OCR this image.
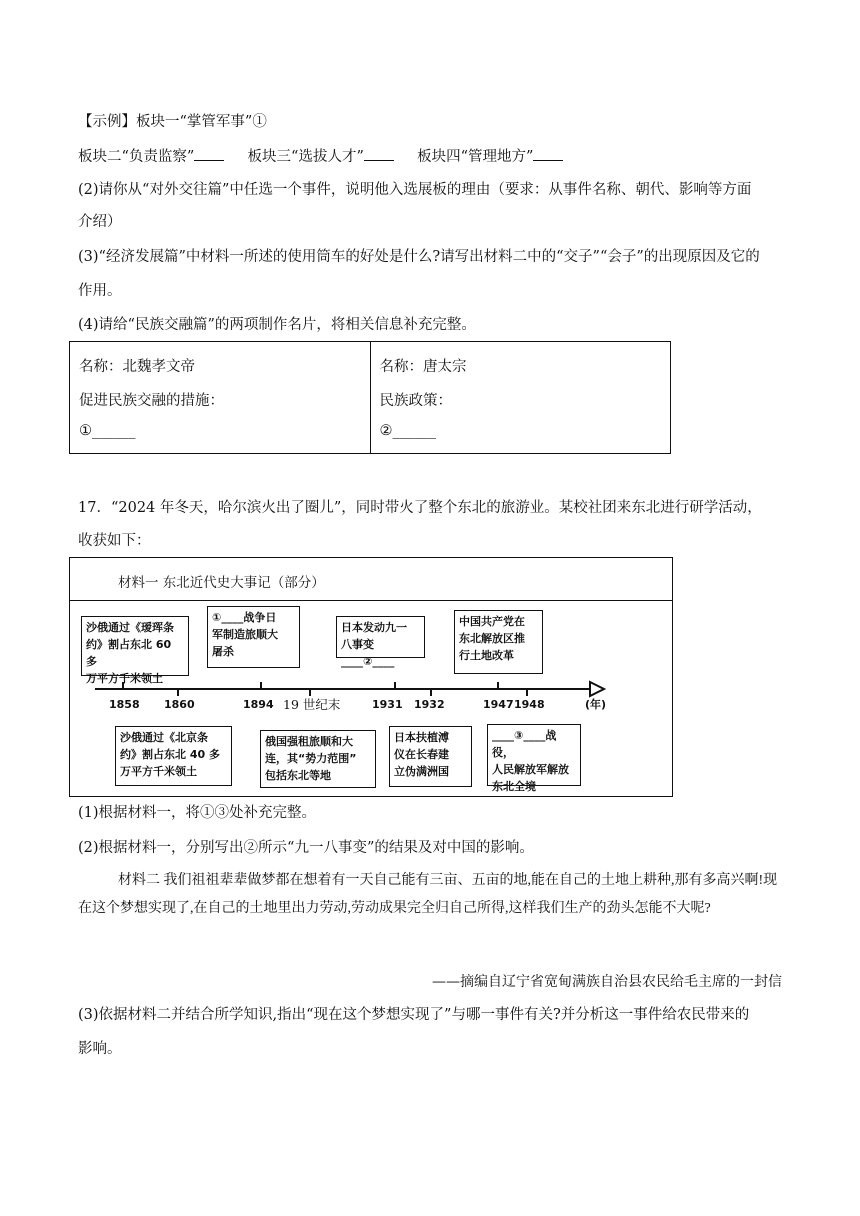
【示例】板块一“掌管军事”①
板块二“负责监察”	板块三“选拔人才”	板块四“管理地方”
(2)请你从“对外交往篇”中任选一个事件，说明他入选展板的理由（要求：从事件名称、朝代、影响等方面
介绍）
(3)“经济发展篇”中材料一所述的使用筒车的好处是什么?请写出材料二中的“交子”“会子”的出现原因及它的
作用。
(4)请给“民族交融篇”的两项制作名片，将相关信息补充完整。
名称：北魏孝文帝
促进民族交融的措施：
①______

名称：唐太宗
民族政策：
②______
17．“2024 年冬天，哈尔滨火出了圈儿”，同时带火了整个东北的旅游业。某校社团来东北进行研学活动，
收获如下：
材料一 东北近代史大事记（部分）
沙俄通过《瑷珲条
约》割占东北 60 多
万平方千米领土
①____战争日
军制造旅顺大
屠杀
日本发动九一
八事变____②____
中国共产党在
东北解放区推
行土地改革
1858 1860	1894 19 世纪末	1931 1932	1947 1948	(年)
沙俄通过《北京条
约》割占东北 40 多
万平方千米领土
俄国强租旅顺和大
连，其“势力范围”
包括东北等地
日本扶植溥
仪在长春建
立伪满洲国
____③____战役，
人民解放军解放
东北全境
(1)根据材料一，将①③处补充完整。
(2)根据材料一，分别写出②所示“九一八事变”的结果及对中国的影响。
材料二 我们祖祖辈辈做梦都在想着有一天自己能有三亩、五亩的地,能在自己的土地上耕种,那有多高兴啊!现在这个梦想实现了,在自己的土地里出力劳动,劳动成果完全归自己所得,这样我们生产的劲头怎能不大呢?
——摘编自辽宁省宽甸满族自治县农民给毛主席的一封信
(3)依据材料二并结合所学知识,指出“现在这个梦想实现了”与哪一事件有关?并分析这一事件给农民带来的
影响。
